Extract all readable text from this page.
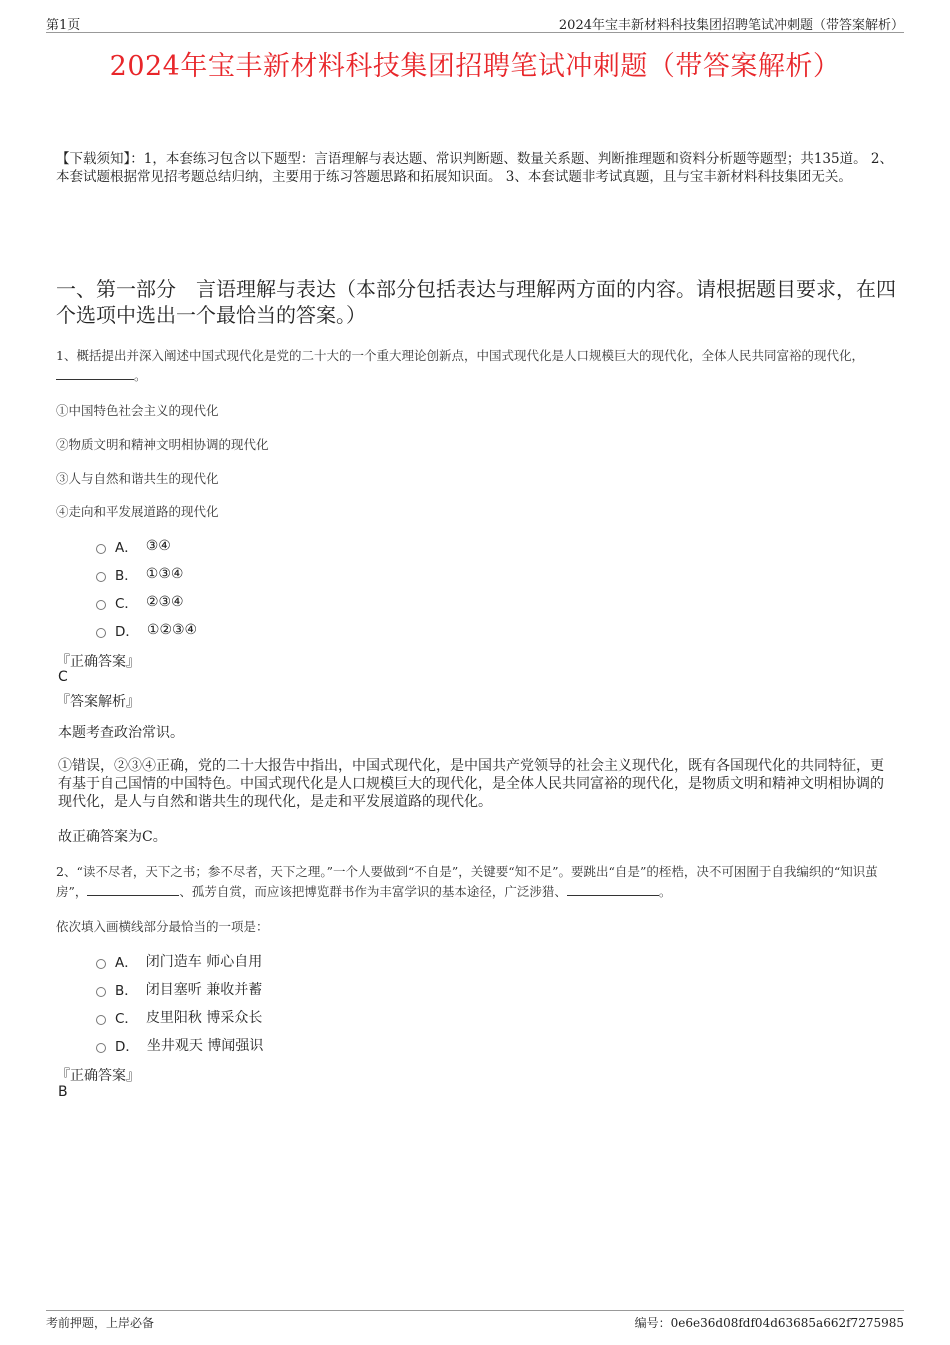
第1页	2024年宝丰新材料科技集团招聘笔试冲刺题（带答案解析）
2024年宝丰新材料科技集团招聘笔试冲刺题（带答案解析）
【下载须知】：1，本套练习包含以下题型：言语理解与表达题、常识判断题、数量关系题、判断推理题和资料分析题等题型；共135道。 2、本套试题根据常见招考题总结归纳，主要用于练习答题思路和拓展知识面。 3、本套试题非考试真题，且与宝丰新材料科技集团无关。
一、第一部分　言语理解与表达（本部分包括表达与理解两方面的内容。请根据题目要求，在四个选项中选出一个最恰当的答案。）
1、概括提出并深入阐述中国式现代化是党的二十大的一个重大理论创新点，中国式现代化是人口规模巨大的现代化，全体人民共同富裕的现代化，。
①中国特色社会主义的现代化
②物质文明和精神文明相协调的现代化
③人与自然和谐共生的现代化
④走向和平发展道路的现代化
A． ③④
B． ①③④
C． ②③④
D． ①②③④
『正确答案』
C
『答案解析』
本题考查政治常识。
①错误，②③④正确，党的二十大报告中指出，中国式现代化，是中国共产党领导的社会主义现代化，既有各国现代化的共同特征，更有基于自己国情的中国特色。中国式现代化是人口规模巨大的现代化，是全体人民共同富裕的现代化，是物质文明和精神文明相协调的现代化，是人与自然和谐共生的现代化，是走和平发展道路的现代化。
故正确答案为C。
2、“读不尽者，天下之书；参不尽者，天下之理。”一个人要做到“不自是”，关键要“知不足”。要跳出“自是”的桎梏，决不可困囿于自我编织的“知识茧房”，	、孤芳自赏，而应该把博览群书作为丰富学识的基本途径，广泛涉猎、	。
依次填入画横线部分最恰当的一项是：
A． 闭门造车 师心自用
B． 闭目塞听 兼收并蓄
C． 皮里阳秋 博采众长
D． 坐井观天 博闻强识
『正确答案』
B
考前押题，上岸必备	编号：0e6e36d08fdf04d63685a662f7275985
